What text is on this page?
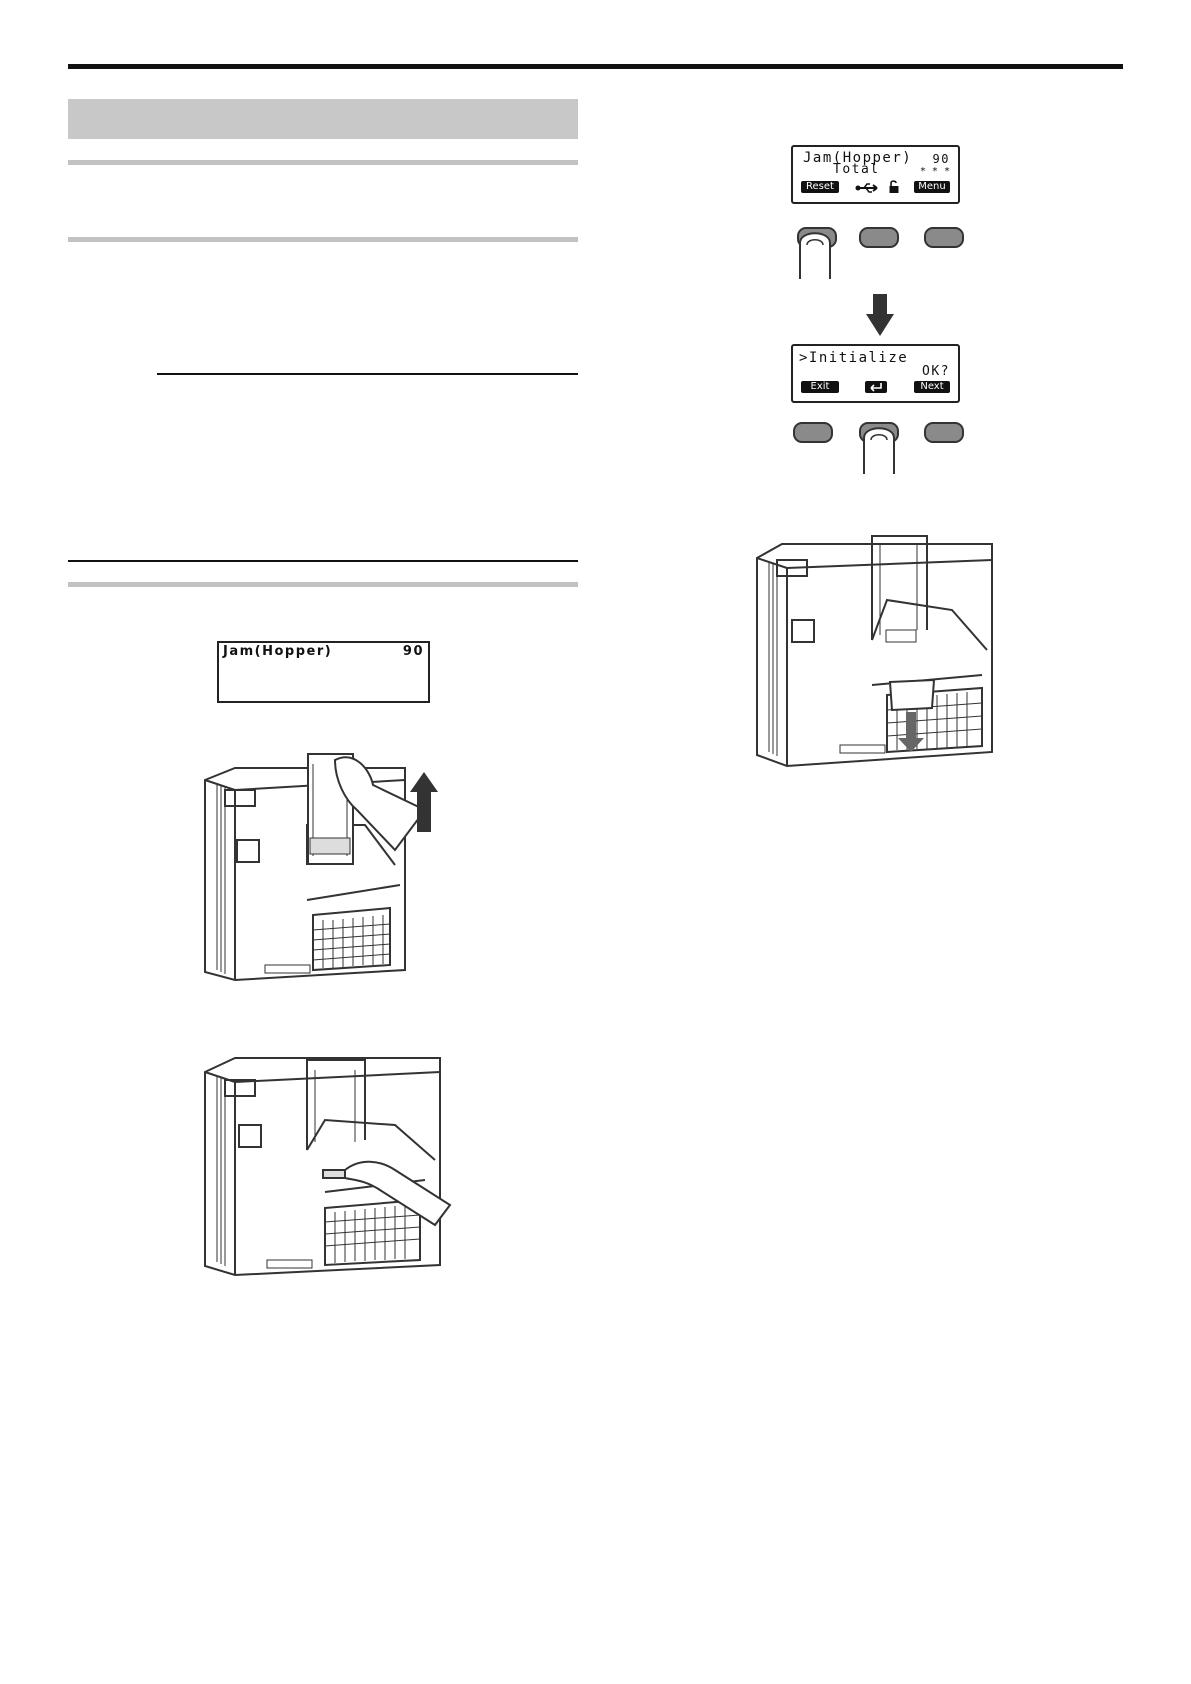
Jam(Hopper)	90
Jam(Hopper) 90
Total	* * *
Reset	Menu
>Initialize
OK?
Exit	Next
